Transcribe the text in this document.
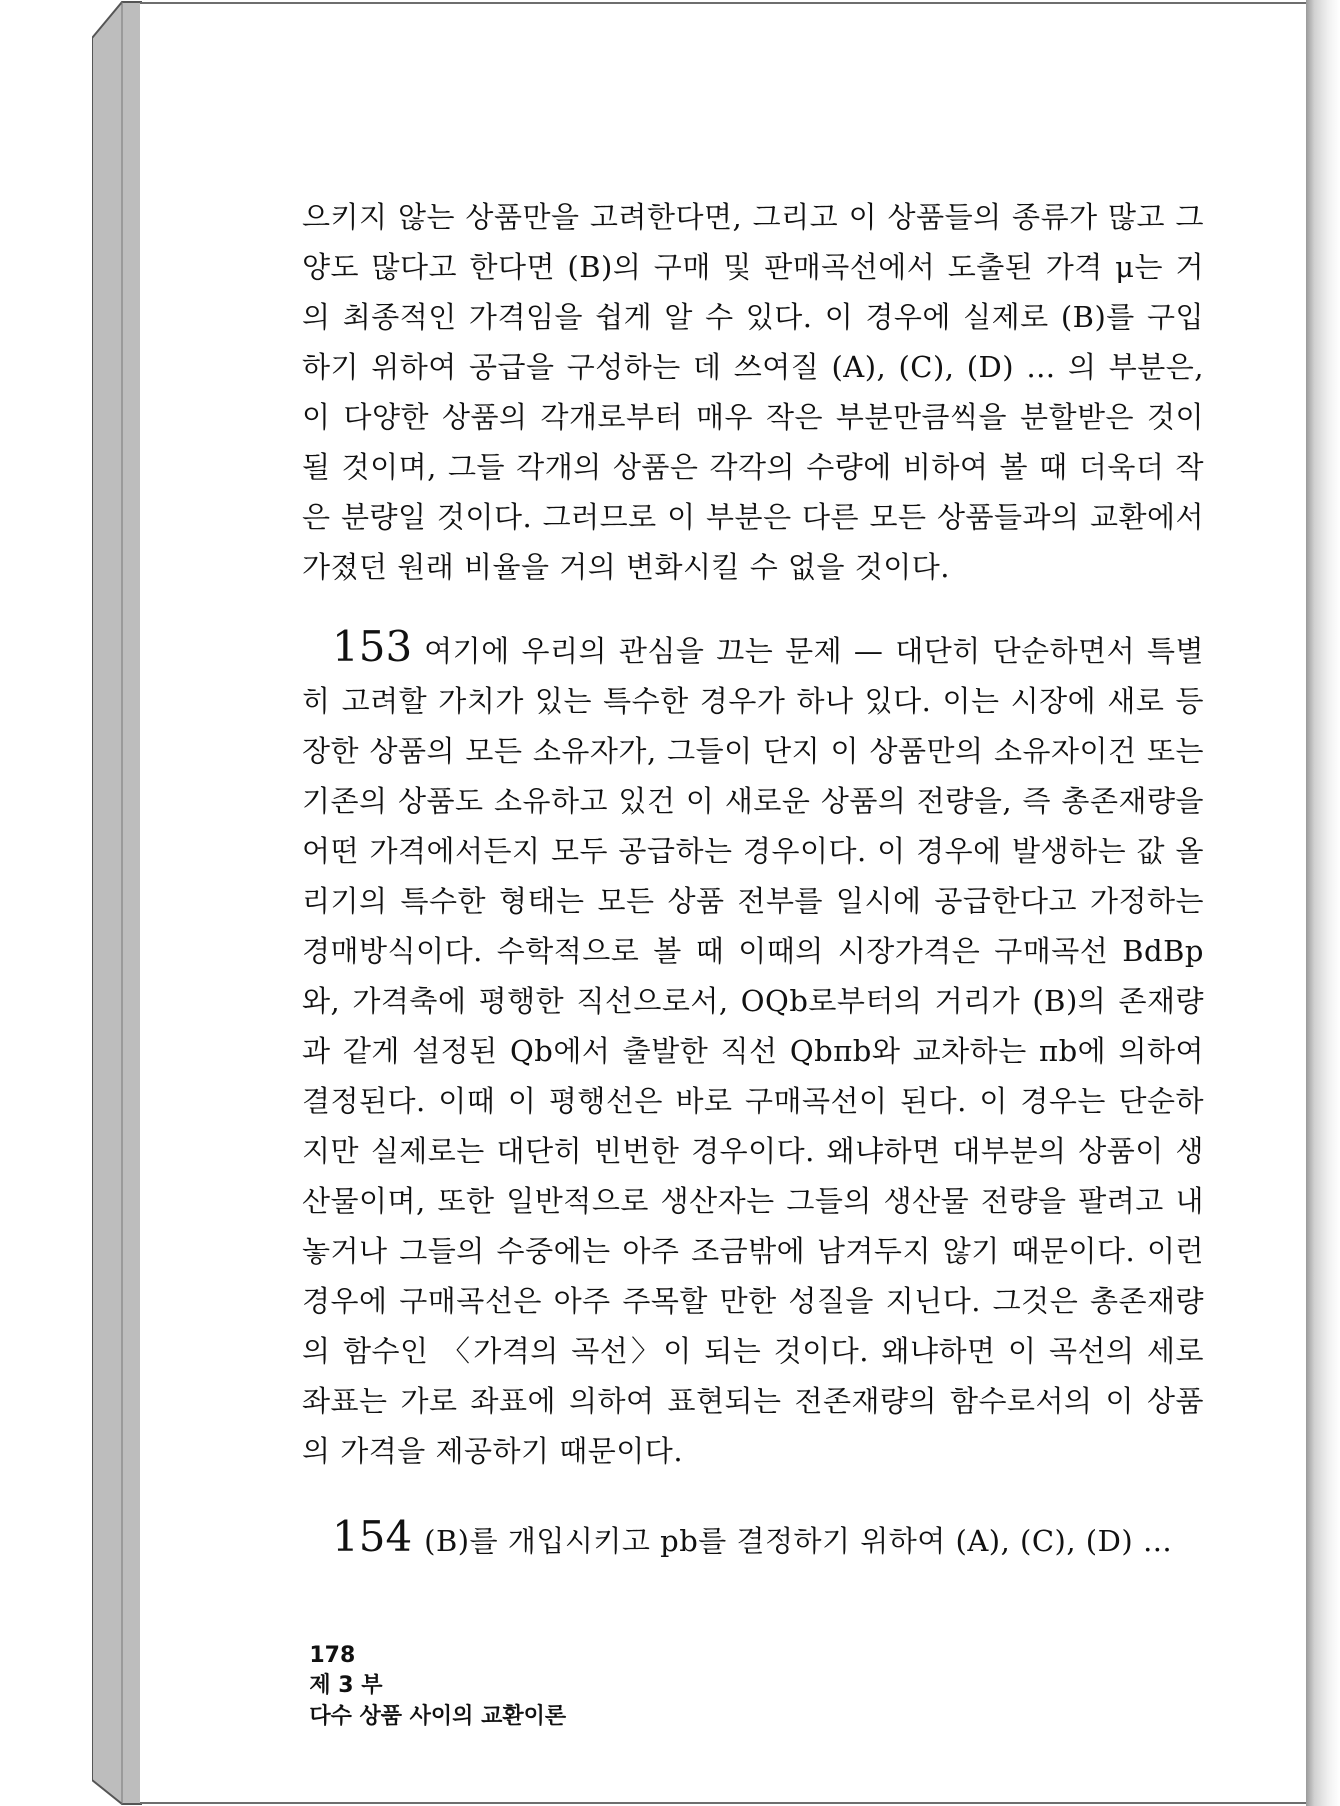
으키지 않는 상품만을 고려한다면, 그리고 이 상품들의 종류가 많고 그 양도 많다고 한다면 (B)의 구매 및 판매곡선에서 도출된 가격 μ는 거의 최종적인 가격임을 쉽게 알 수 있다. 이 경우에 실제로 (B)를 구입하기 위하여 공급을 구성하는 데 쓰여질 (A), (C), (D) … 의 부분은, 이 다양한 상품의 각개로부터 매우 작은 부분만큼씩을 분할받은 것이 될 것이며, 그들 각개의 상품은 각각의 수량에 비하여 볼 때 더욱더 작은 분량일 것이다. 그러므로 이 부분은 다른 모든 상품들과의 교환에서 가졌던 원래 비율을 거의 변화시킬 수 없을 것이다.

153 여기에 우리의 관심을 끄는 문제 — 대단히 단순하면서 특별히 고려할 가치가 있는 특수한 경우가 하나 있다. 이는 시장에 새로 등장한 상품의 모든 소유자가, 그들이 단지 이 상품만의 소유자이건 또는 기존의 상품도 소유하고 있건 이 새로운 상품의 전량을, 즉 총존재량을 어떤 가격에서든지 모두 공급하는 경우이다. 이 경우에 발생하는 값 올리기의 특수한 형태는 모든 상품 전부를 일시에 공급한다고 가정하는 경매방식이다. 수학적으로 볼 때 이때의 시장가격은 구매곡선 BdBp와, 가격축에 평행한 직선으로서, OQb로부터의 거리가 (B)의 존재량과 같게 설정된 Qb에서 출발한 직선 Qbπb와 교차하는 πb에 의하여 결정된다. 이때 이 평행선은 바로 구매곡선이 된다. 이 경우는 단순하지만 실제로는 대단히 빈번한 경우이다. 왜냐하면 대부분의 상품이 생산물이며, 또한 일반적으로 생산자는 그들의 생산물 전량을 팔려고 내놓거나 그들의 수중에는 아주 조금밖에 남겨두지 않기 때문이다. 이런 경우에 구매곡선은 아주 주목할 만한 성질을 지닌다. 그것은 총존재량의 함수인 〈가격의 곡선〉이 되는 것이다. 왜냐하면 이 곡선의 세로 좌표는 가로 좌표에 의하여 표현되는 전존재량의 함수로서의 이 상품의 가격을 제공하기 때문이다.

154 (B)를 개입시키고 pb를 결정하기 위하여 (A), (C), (D) …

178
제 3 부
다수 상품 사이의 교환이론
